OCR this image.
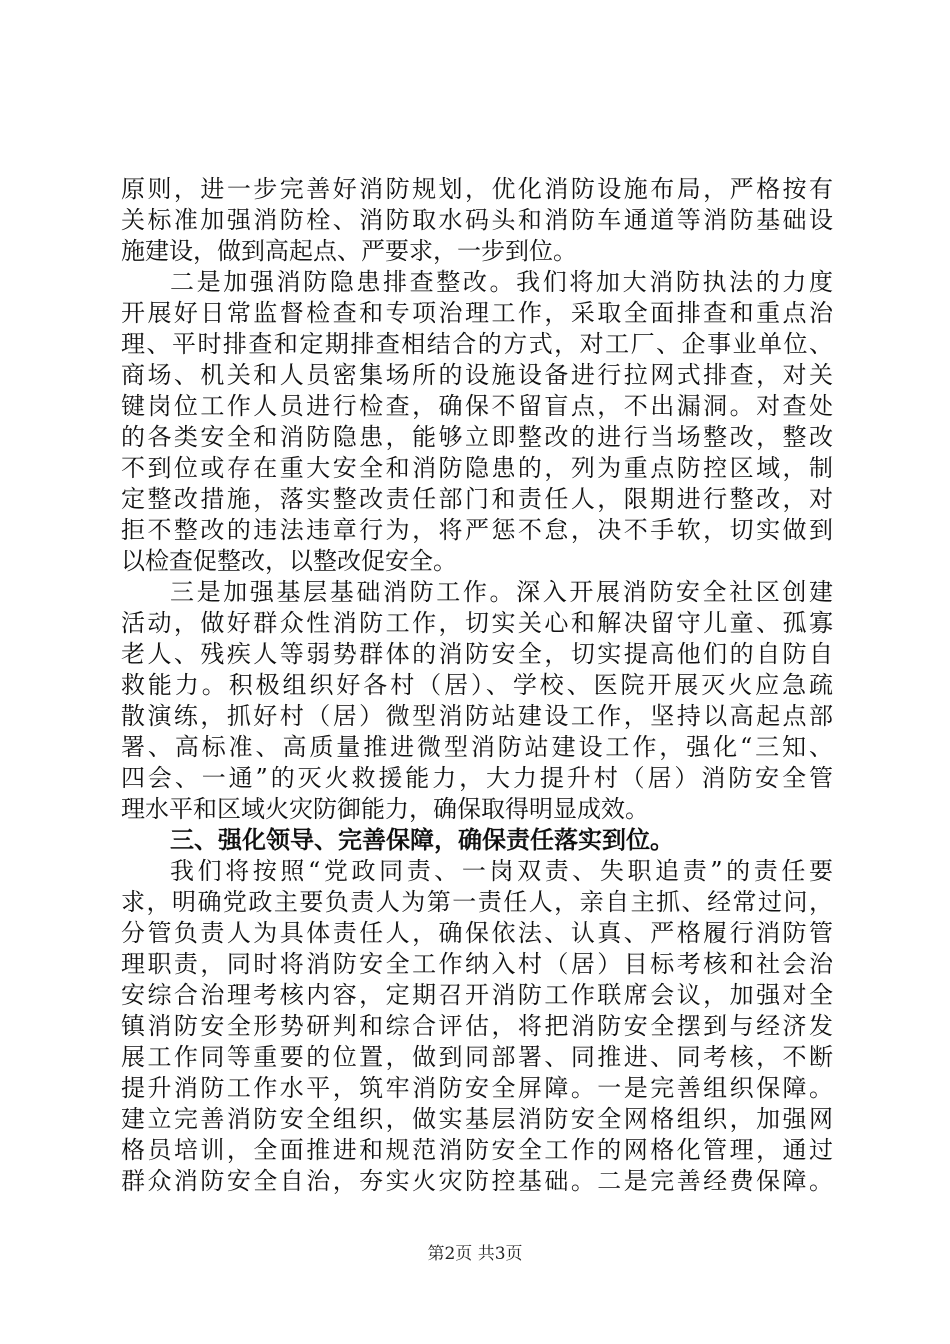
原则，进一步完善好消防规划，优化消防设施布局，严格按有
关标准加强消防栓、消防取水码头和消防车通道等消防基础设
施建设，做到高起点、严要求，一步到位。
二是加强消防隐患排查整改。我们将加大消防执法的力度
开展好日常监督检查和专项治理工作，采取全面排查和重点治
理、平时排查和定期排查相结合的方式，对工厂、企事业单位、
商场、机关和人员密集场所的设施设备进行拉网式排查，对关
键岗位工作人员进行检查，确保不留盲点，不出漏洞。对查处
的各类安全和消防隐患，能够立即整改的进行当场整改，整改
不到位或存在重大安全和消防隐患的，列为重点防控区域，制
定整改措施，落实整改责任部门和责任人，限期进行整改，对
拒不整改的违法违章行为，将严惩不怠，决不手软，切实做到
以检查促整改，以整改促安全。
三是加强基层基础消防工作。深入开展消防安全社区创建
活动，做好群众性消防工作，切实关心和解决留守儿童、孤寡
老人、残疾人等弱势群体的消防安全，切实提高他们的自防自
救能力。积极组织好各村（居）、学校、医院开展灭火应急疏
散演练，抓好村（居）微型消防站建设工作，坚持以高起点部
署、高标准、高质量推进微型消防站建设工作，强化“三知、
四会、一通”的灭火救援能力，大力提升村（居）消防安全管
理水平和区域火灾防御能力，确保取得明显成效。
三、强化领导、完善保障，确保责任落实到位。
我们将按照“党政同责、一岗双责、失职追责”的责任要
求，明确党政主要负责人为第一责任人，亲自主抓、经常过问，
分管负责人为具体责任人，确保依法、认真、严格履行消防管
理职责，同时将消防安全工作纳入村（居）目标考核和社会治
安综合治理考核内容，定期召开消防工作联席会议，加强对全
镇消防安全形势研判和综合评估，将把消防安全摆到与经济发
展工作同等重要的位置，做到同部署、同推进、同考核，不断
提升消防工作水平，筑牢消防安全屏障。一是完善组织保障。
建立完善消防安全组织，做实基层消防安全网格组织，加强网
格员培训，全面推进和规范消防安全工作的网格化管理，通过
群众消防安全自治，夯实火灾防控基础。二是完善经费保障。
第2页 共3页
